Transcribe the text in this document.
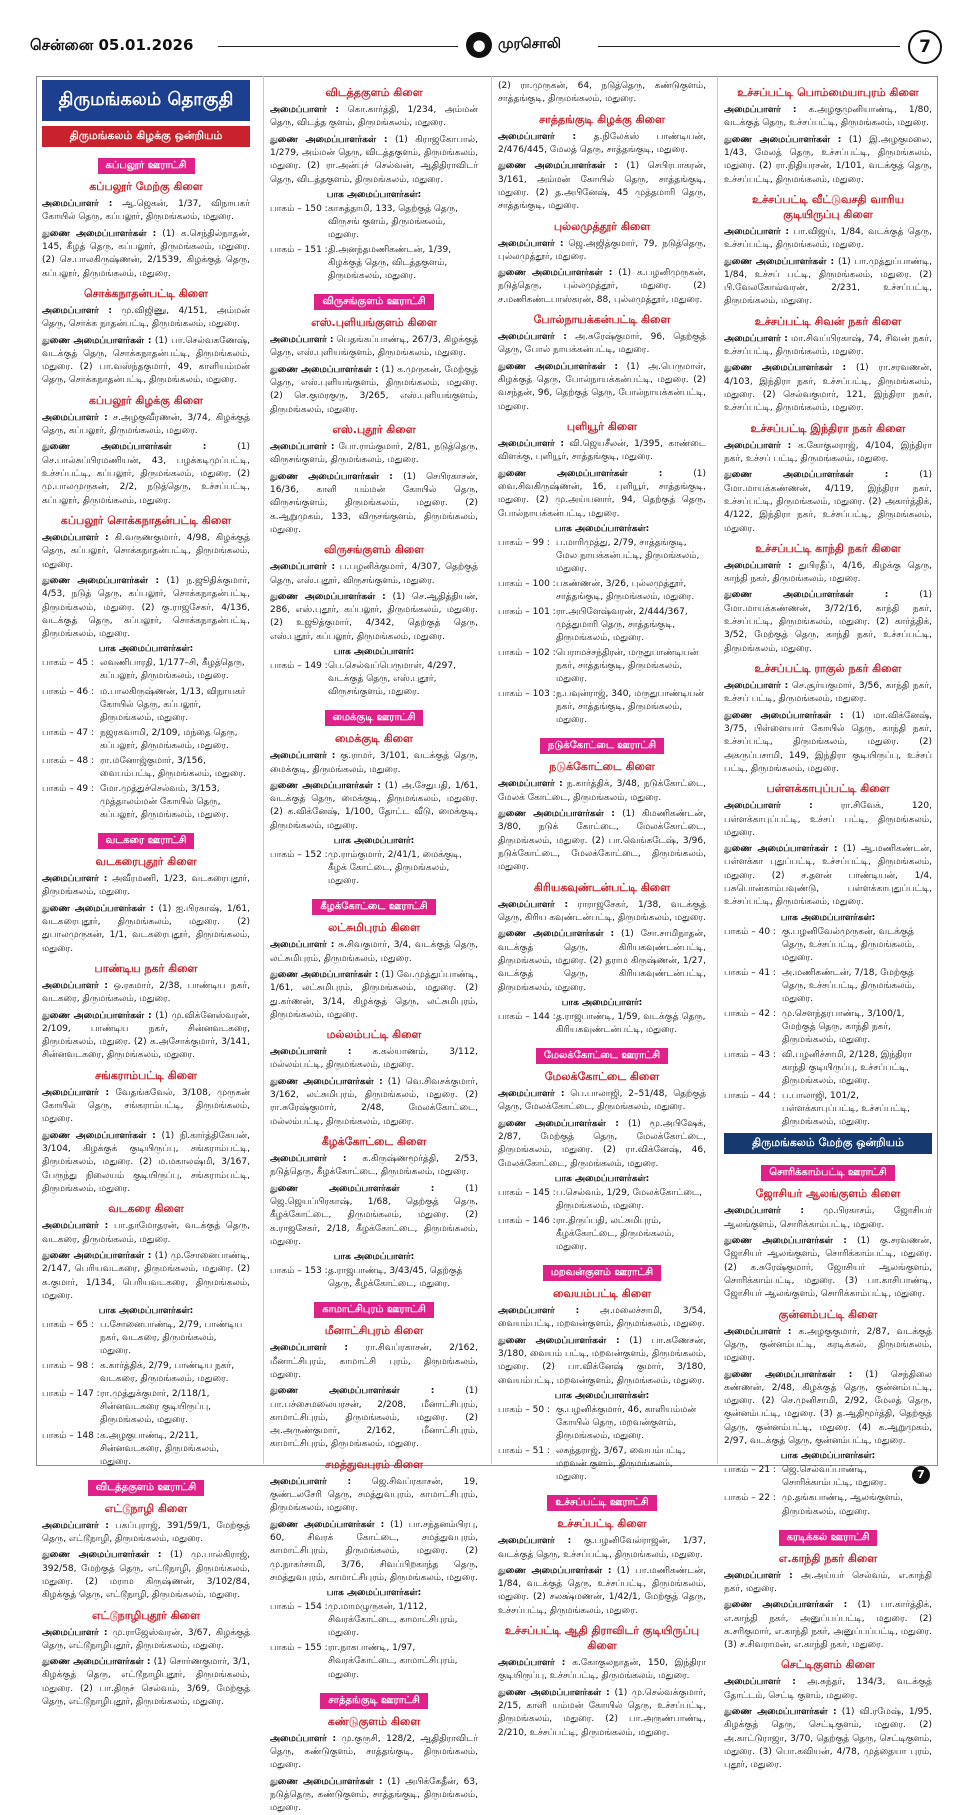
சென்னை 05.01.2026	● முரசொலி	7
திருமங்கலம் தொகுதி
திருமங்கலம் கிழக்கு ஒன்றியம்
கப்பலூர் ஊராட்சி
கப்பலூர் மேற்கு கிளை
அமைப்பாளர் : ஆ.ஜெகன், 1/37, விநாயகர் கோயில் தெரு, கப்பலூர், திருமங்கலம், மதுரை.
துணை அமைப்பாளர்கள் : (1) க.செந்தில்நாதன், 145, கீழத் தெரு, கப்பலூர், திருமங்கலம், மதுரை. (2) செ.பாலகிருஷ்ணன், 2/1539, கிழக்குத் தெரு, கப்பலூர், திருமங்கலம், மதுரை.
சொக்கநாதன்பட்டி கிளை
அமைப்பாளர் : மு.விஜிணு, 4/151, அம்மன் தெரு, சொக்க நாதன்பட்டி, திருமங்கலம், மதுரை.
துணை அமைப்பாளர்கள் : (1) பா.செல்வகணேஷ், வடக்குத் தெரு, சொக்கநாதன்பட்டி, திருமங்கலம், மதுரை. (2) பா.வஸ்ந்தகுமார், 49, காளியம்மன் தெரு, சொக்கநாதன்பட்டி, திருமங்கலம், மதுரை.
கப்பலூர் கிழக்கு கிளை
அமைப்பாளர் : ச.அழகுவீரணன், 3/74, கிழக்குத் தெரு, கப்பலூர், திருமங்கலம், மதுரை.
துணை அமைப்பாளர்கள் :	(1) செ.பால்சுப்பிரமணியன், 43, பழக்கடிமுப்பட்டி, உச்சப்பட்டி, கப்பலூர், திருமங்கலம், மதுரை. (2) மு.பாலமுருகன், 2/2, நடுத்தெரு, உச்சப்பட்டி, கப்பலூர், திருமங்கலம், மதுரை.
கப்பலூர் சொக்கநாதன்பட்டி கிளை
அமைப்பாளர் : கி.வருணகுமார், 4/98, கிழக்குத் தெரு, கப்பலூர், சொக்கநாதன்பட்டி, திருமங்கலம், மதுரை.
துணை அமைப்பாளர்கள் : (1) ந.ஜூதிக்குமார், 4/53, நடுத் தெரு, கப்பலூர், சொக்கநாதன்பட்டி, திருமங்கலம், மதுரை. (2) கு.ராஜசேகர், 4/136, வடக்குத் தெரு, கப்பலூர், சொக்கநாதன்பட்டி, திருமங்கலம், மதுரை.
பாக அமைப்பாளர்கள்:
பாகம் – 45 : லவணிபாரதி, 1/177–சி, கீழத்தெரு, கப்பலூர், திருமங்கலம், மதுரை.
பாகம் – 46 : ம.பாலகிருஷ்ணன், 1/13, விநாயகர் கோயில் தெரு, கப்பலூர், திருமங்கலம், மதுரை.
பாகம் – 47 : நஜரகவாமி, 2/109, மந்தை தெரு, கப்பலூர், திருமங்கலம், மதுரை.
பாகம் – 48 : ரா.மனோஜ்குமார், 3/156, வைபம்பட்டி, திருமங்கலம், மதுரை.
பாகம் – 49 : மோ.முத்துச்செல்வம், 3/153, முத்தாலம்மன் கோயில் தெரு, கப்பலூர், திருமங்கலம், மதுரை.
வடகரை ஊராட்சி
வடகரைபுதூர் கிளை
அமைப்பாளர் : அவீரமணி, 1/23, வடகரைபுதூர், திருமங்கலம், மதுரை.
துணை அமைப்பாளர்கள் : (1) ஐ.பிரகாஷ், 1/61, வடகரைபுதூர், திருமங்கலம், மதுரை. (2) துபாலமுருகன், 1/1, வடகரைபுதூர், திருமங்கலம், மதுரை.
பாண்டிய நகர் கிளை
அமைப்பாளர் : ஒ.ரகமார், 2/38, பாண்டிய நகர், வடகரை, திருமங்கலம், மதுரை.
துணை அமைப்பாளர்கள் : (1) மு.விக்னேஸ்வரன், 2/109, பாண்டிய நகர், சின்னவடகரை, திருமங்கலம், மதுரை. (2) க.அசோக்குமார், 3/141, சின்னவடகரை, திருமங்கலம், மதுரை.
சங்கராம்பட்டி கிளை
அமைப்பாளர் : வேதங்கவேல், 3/108, முருகன் கோயில் தெரு, சங்கராம்பட்டி, திருமங்கலம், மதுரை.
துணை அமைப்பாளர்கள் : (1) நி.கார்த்திகேயன், 3/104, கிழக்குக் குடியிருப்பு, சங்கராம்பட்டி, திருமங்கலம், மதுரை. (2) ம.மகாலஷ்மி, 3/167, பேருந்து நிலையம் குடியிருப்பு, சங்கராம்பட்டி, திருமங்கலம், மதுரை.
வடகரை கிளை
அமைப்பாளர் : பா.தாமோதரன், வடக்குத் தெரு, வடகரை, திருமங்கலம், மதுரை.
துணை அமைப்பாளர்கள் : (1) மு.சோனைபாண்டி, 2/147, பெரியவடகரை, திருமங்கலம், மதுரை. (2) க.குமார், 1/134, பெரியவடகரை, திருமங்கலம், மதுரை.
பாக அமைப்பாளர்கள்:
பாகம் – 65 : ப.சோனைபாண்டி, 2/79, பாண்டிய நகர், வடகரை, திருமங்கலம், மதுரை.
பாகம் – 98 : க.கார்த்திக், 2/79, பாண்டிய நகர், வடகரை, திருமங்கலம், மதுரை.
பாகம் – 147 : ரா.முத்துக்குமார், 2/118/1, சின்னவடகரை குடியிருப்பு, திருமங்கலம், மதுரை.
பாகம் – 148 : க.அழகுபாண்டி, 2/211, சின்னவடகரை, திருமங்கலம், மதுரை.
விடத்தகுளம் ஊராட்சி
எட்டூநாழி கிளை
அமைப்பாளர் : பகப்புராஜ், 391/59/1, மேற்குத் தெரு, எட்டூநாழி, திருமங்கலம், மதுரை.
துணை அமைப்பாளர்கள் : (1) மு.பால்கிராஜ், 392/58, மேற்குத் தெரு, எட்டூநாழி, திருமங்கலம், மதுரை. (2) மராம கிருஷ்ணன், 3/102/84, கிழக்குத் தெரு, எட்டூநாழி, திருமங்கலம், மதுரை.
எட்டூநாழிபுதூர் கிளை
அமைப்பாளர் : மு.ராஜேஸ்வரன், 3/67, கிழக்குத் தெரு, எட்டூநாழிபுதூர், திருமங்கலம், மதுரை.
துணை அமைப்பாளர்கள் : (1) சொர்ணகுமார், 3/1, கிழக்குத் தெரு, எட்டூநாழிபுதூர், திருமங்கலம், மதுரை. (2) பா.திருச் செல்வம், 3/69, மேற்குத் தெரு, எட்டூநாழிபுதூர், திருமங்கலம், மதுரை.
விடத்தகுளம் கிளை
அமைப்பாளர் : கொ.கார்த்தி, 1/234, அம்மன் தெரு, விடத்த குளம், திருமங்கலம், மதுரை.
துணை அமைப்பாளர்கள் : (1) கிராஜகோபால், 1/279, அம்மன் தெரு, விடத்தகுளம், திருமங்கலம், மதுரை. (2) ரா.அன்புச் செல்வன், ஆதிதிராவிடர் தெரு, விடத்தகுளம், திருமங்கலம், மதுரை.
பாக அமைப்பாளர்கள்:
பாகம் – 150 : காசுத்தாமி, 133, தெற்குத் தெரு, விருசங் குளம், திருமங்கலம், மதுரை.
பாகம் – 151 : தி.அனந்தமணிகண்டன், 1/39, கிழக்குத் தெரு, விடத்தகுளம், திருமங்கலம், மதுரை.
விருசங்குளம் ஊராட்சி
எஸ்.புளியங்குளம் கிளை
அமைப்பாளர் : பெதங்கப்பாண்டி, 267/3, கிழக்குத் தெரு, எஸ்.புளியங்குளம், திருமங்கலம், மதுரை.
துணை அமைப்பாளர்கள் : (1) க.முருகன், மேற்குத் தெரு, எஸ்.புளியங்குளம், திருமங்கலம், மதுரை. (2) செ.குமரகுரு, 3/265, எஸ்.புளியங்குளம், திருமங்கலம், மதுரை.
எஸ்.புதூர் கிளை
அமைப்பாளர் : போ.ராம்குமார், 2/81, நடுத்தெரு, விருசங்குளம், திருமங்கலம், மதுரை.
துணை அமைப்பாளர்கள் : (1) செபிரகாசன், 16/36, காளி யம்மன் கோயில் தெரு, விருசங்குளம், திருமங்கலம், மதுரை. (2) க.ஆறுமுகம், 133, விருசங்குளம், திருமங்கலம், மதுரை.
விருசங்குளம் கிளை
அமைப்பாளர் : ப.பழனிக்குமார், 4/307, தெற்குத் தெரு, எஸ்.புதூர், விருசங்குளம், மதுரை.
துணை அமைப்பாளர்கள் : (1) செ.ஆதித்தியன், 286, எஸ்.புதூர், கப்பலூர், திருமங்கலம், மதுரை. (2) உஜூத்குமார், 4/342, தெற்குத் தெரு, எஸ்.புதூர், கப்பலூர், திருமங்கலம், மதுரை.
பாக அமைப்பாளர்:
பாகம் – 149 : பெ.செல்வப்பெருமாள், 4/297, வடக்குத் தெரு, எஸ்.புதூர், விருசங்குளம், மதுரை.
மைக்குடி ஊராட்சி
மைக்குடி கிளை
அமைப்பாளர் : கு.ராமர், 3/101, வடக்குத் தெரு, மைக்குடி, திருமங்கலம், மதுரை.
துணை அமைப்பாளர்கள் : (1) அ.சேதுபதி, 1/61, வடக்குத் தெரு, மைக்குடி, திருமங்கலம், மதுரை. (2) க.விக்னேஷ், 1/100, தோட்ட வீடு, மைக்குடி, திருமங்கலம், மதுரை.
பாக அமைப்பாளர்:
பாகம் – 152 : மு.ராம்குமார், 2/41/1, மைக்குடி, கீழக் கோட்டை, திருமங்கலம், மதுரை.
கீழக்கோட்டை ஊராட்சி
லட்சுமிபுரம் கிளை
அமைப்பாளர் : சு.சிவகுமார், 3/4, வடக்குத் தெரு, லட்சுமிபுரம், திருமங்கலம், மதுரை.
துணை அமைப்பாளர்கள் : (1) வே.முத்துப்பாண்டி, 1/61, லட்சுமிபுரம், திருமங்கலம், மதுரை. (2) து.கர்ணன், 3/14, கிழக்குத் தெரு, லட்சுமிபுரம், திருமங்கலம், மதுரை.
மல்லம்பட்டி கிளை
அமைப்பாளர் : க.கல்யாணம், 3/112, மல்லம்பட்டி, திருமங்கலம், மதுரை.
துணை அமைப்பாளர்கள் : (1) வெ.சிவசக்குமார், 3/162, லட்சுமிபுரம், திருமங்கலம், மதுரை. (2) ரா.சுரேஷ்குமார், 2/48, மேலக்கோட்டை, மல்லம்பட்டி, திருமங்கலம், மதுரை.
கீழக்கோட்டை கிளை
அமைப்பாளர் : க.கிருஷ்ணமூர்த்தி, 2/53, நடுத்தெரு, கீழக்கோட்டை, திருமங்கலம், மதுரை.
துணை அமைப்பாளர்கள் :	(1) ஜெ.ஜெயப்பிரகாஷ், 1/68, தெற்குத் தெரு, கீழக்கோட்டை, திருமங்கலம், மதுரை. (2) க.ராஜசேகர், 2/18, கீழக்கோட்டை, திருமங்கலம், மதுரை.
பாக அமைப்பாளர்:
பாகம் – 153 : த.ராஜபாண்டி, 3/43/45, தெற்குத் தெரு, கீழக்கோட்டை, மதுரை.
காமாட்சிபுரம் ஊராட்சி
மீனாட்சிபுரம் கிளை
அமைப்பாளர் : ரா.சிவப்ரகாசன், 2/162, மீனாட்சிபுரம், காமாட்சி புரம், திருமங்கலம், மதுரை.
துணை அமைப்பாளர்கள் :	(1) பா.பச்சைமலையரசன், 2/208, மீனாட்சிபுரம், காமாட்சிபுரம், திருமங்கலம், மதுரை. (2) அ.அருண்குமார், 2/162, மீனாட்சிபுரம், காமாட்சிபுரம், திருமங்கலம், மதுரை.
சமத்துவபுரம் கிளை
அமைப்பாளர் : ஜெ.சிவப்ரகாசன், 19, குண்டலசேரி தெரு, சமத்துவபுரம், காமாட்சிபுரம், திருமங்கலம், மதுரை.
துணை அமைப்பாளர்கள் : (1) பா.சந்தனம்பிரபு, 60, சிவரக் கோட்டை, சமத்துவபுரம், காமாட்சிபுரம், திருமங்கலம், மதுரை. (2) மு.நாகர்சாமி, 3/76, சிவப்பிறகாந்த தெரு, சமத்துவபுரம், காமாட்சிபுரம், திருமங்கலம், மதுரை.
பாக அமைப்பாளர்கள்:
பாகம் – 154 : மு.மாமழுருகன், 1/112, சிவரக்கோட்டை, காமாட்சிபுரம், மதுரை.
பாகம் – 155 : ரா.நாகபாண்டி, 1/97, சிவரக்கோட்டை, காமாட்சிபுரம், மதுரை.
சாத்தங்குடி ஊராட்சி
கண்டுகுளம் கிளை
அமைப்பாளர் : மு.குருசி, 128/2, ஆதிதிராவிடர் தெரு, கண்டுகுளம், சாத்தங்குடி, திருமங்கலம், மதுரை.
துணை அமைப்பாளர்கள் : (1) அபிக்கேதீன், 63, நடுத்தெரு, கண்டுகுளம், சாத்தங்குடி, திருமங்கலம், மதுரை.
(2) ரா.முருகன், 64, நடுத்தெரு, கண்டுகுளம், சாத்தங்குடி, திருமங்கலம், மதுரை.
சாத்தங்குடி கிழக்கு கிளை
அமைப்பாளர் : த.நிலேக்ஸ் பாண்டியன், 2/476/445, மேலத் தெரு, சாத்தங்குடி, மதுரை.
துணை அமைப்பாளர்கள் : (1) செபிரபாகரன், 3/161, அம்மன் கோயில் தெரு, சாத்தங்குடி, மதுரை. (2) த.அபினேஷ், 45 முத்தமாரி தெரு, சாத்தங்குடி, மதுரை.
புல்லமுத்தூர் கிளை
அமைப்பாளர் : ஜெ.அஜித்குமார், 79, நடுத்தெரு, புல்லமுத்தூர், மதுரை.
துணை அமைப்பாளர்கள் : (1) க.பழனிமுருகன், நடுத்தெரு, புல்லமுத்தூர், மதுரை. (2) ச.மணிகண்டபாஸ்கரன், 88, புல்லமுத்தூர், மதுரை.
போல்நாயக்கன்பட்டி கிளை
அமைப்பாளர் : அ.சுரேஷ்குமார், 96, தெற்குத் தெரு, போல் நாயக்கன்பட்டி, மதுரை.
துணை அமைப்பாளர்கள் : (1) அ.பெருமாள், கிழக்குத் தெரு, போல்நாயக்கன்பட்டி, மதுரை. (2) வசந்தன், 96, தெற்குத் தெரு, போல்நாயக்கன்பட்டி, மதுரை.
புளியூர் கிளை
அமைப்பாளர் : வி.ஜெயசீலன், 1/395, காண்டை விளக்கு, புளியூர், சாத்தங்குடி, மதுரை.
துணை அமைப்பாளர்கள் :	(1) வை.சிவகிருஷ்ணன், 16, புளியூர், சாத்தங்குடி, மதுரை. (2) மு.அய்யனார், 94, தெற்குத் தெரு, போல்நாயக்கன்பட்டி, மதுரை.
பாக அமைப்பாளர்கள்:
பாகம் – 99 : ப.மாரிமுத்து, 2/79, சாத்தங்குடி, மேல நாயக்கன்பட்டி, திருமங்கலம், மதுரை.
பாகம் – 100 : பகண்ணன், 3/26, புல்லமுத்தூர், சாத்தங்குடி, திருமங்கலம், மதுரை.
பாகம் – 101 : ரா.அபிளேஷ்வரன், 2/444/367, முத்துமாரி தெரு, சாத்தங்குடி, திருமங்கலம், மதுரை.
பாகம் – 102 : பெராமச்சந்திரன், மருதுபாண்டியன் நகர், சாத்தங்குடி, திருமங்கலம், மதுரை.
பாகம் – 103 : ந.பவுன்ராஜ், 340, மருதுபாண்டியன் நகர், சாத்தங்குடி, திருமங்கலம், மதுரை.
நடுக்கோட்டை ஊராட்சி
நடுக்கோட்டை கிளை
அமைப்பாளர் : ந.கார்த்திக், 3/48, நடுக்கோட்டை, மேலக் கோட்டை, திருமங்கலம், மதுரை.
துணை அமைப்பாளர்கள் : (1) கிமணிகண்டன், 3/80, நடுக் கோட்டை, மேலக்கோட்டை, திருமங்கலம், மதுரை. (2) பா.வெங்கடேஷ், 3/96, நடுக்கோட்டை, மேலக்கோட்டை, திருமங்கலம், மதுரை.
கிரியகவுண்டன்பட்டி கிளை
அமைப்பாளர் : ராராஜசேகர், 1/38, வடக்குத் தெரு, கிரிய கவுண்டன்பட்டி, திருமங்கலம், மதுரை.
துணை அமைப்பாளர்கள் : (1) சோ.சாமிநாதன், வடக்குத் தெரு, கிரியகவுண்டன்பட்டி, திருமங்கலம், மதுரை. (2) தராம கிருஷ்ணன், 1/27, வடக்குத் தெரு, கிரியகவுண்டன்பட்டி, திருமங்கலம், மதுரை.
பாக அமைப்பாளர்:
பாகம் – 144 : த.ராஜபாண்டி, 1/59, வடக்குத் தெரு, கிரியகவுண்டன்பட்டி, மதுரை.
மேலக்கோட்டை ஊராட்சி
மேலக்கோட்டை கிளை
அமைப்பாளர் : பெ.பாலாஜி, 2–51/48, தெற்குத் தெரு, மேலக்கோட்டை, திருமங்கலம், மதுரை.
துணை அமைப்பாளர்கள் : (1) மூ.அபிஷேக், 2/87, மேற்குத் தெரு, மேலக்கோட்டை, திருமங்கலம், மதுரை. (2) ரா.விக்னேஷ், 46, மேலக்கோட்டை, திருமங்கலம், மதுரை.
பாக அமைப்பாளர்கள்:
பாகம் – 145 : ப.செல்வம், 1/29, மேலக்கோட்டை, திருமங்கலம், மதுரை.
பாகம் – 146 : ரா.திருப்பதி, லட்சுமிபுரம், கீழக்கோட்டை, திருமங்கலம், மதுரை.
மறவன்குளம் ஊராட்சி
வையம்பட்டி கிளை
அமைப்பாளர் : அ.மலைச்சாமி, 3/54, வையம்பட்டி, மறவன்குளம், திருமங்கலம், மதுரை.
துணை அமைப்பாளர்கள் : (1) பா.கணேசன், 3/180, வையம் பட்டி, மறவன்குளம், திருமங்கலம், மதுரை. (2) பா.விக்னேஷ் குமார், 3/180, வையம்பட்டி, மறவன்குளம், திருமங்கலம், மதுரை.
பாக அமைப்பாளர்கள்:
பாகம் – 50 : கு.பழனிக்குமார், 46, காளியம்மன் கோயில் தெரு, மறவன்குளம், திருமங்கலம், மதுரை.
பாகம் – 51 : லசுந்தராஜ், 3/67, வையம்பட்டி, மறவன் குளம், திருமங்கலம், மதுரை.
உச்சப்பட்டி ஊராட்சி
உச்சப்பட்டி கிளை
அமைப்பாளர் : கு.பழனிவேல்ராஜன், 1/37, வடக்குத் தெரு, உச்சப்பட்டி, திருமங்கலம், மதுரை.
துணை அமைப்பாளர்கள் : (1) பா.மணிகண்டன், 1/84, வடக்குத் தெரு, உச்சப்பட்டி, திருமங்கலம், மதுரை. (2) சலக்ஷ்மணன், 1/42/1, மேற்குத் தெரு, உச்சப்பட்டி, திருமங்கலம், மதுரை.
உச்சப்பட்டி ஆதி திராவிடர் குடியிருப்பு கிளை
அமைப்பாளர் : க.கோகுலநாதன், 150, இந்திரா குடியிருப்பு, உச்சப்பட்டி, திருமங்கலம், மதுரை.
துணை அமைப்பாளர்கள் : (1) மு.செல்வக்குமார், 2/15, காளி யம்மன் கோயில் தெரு, உச்சப்பட்டி, திருமங்கலம், மதுரை. (2) பா.அருண்பாண்டி, 2/210, உச்சப்பட்டி, திருமங்கலம், மதுரை.
உச்சப்பட்டி பொம்மையாபுரம் கிளை
அமைப்பாளர் : க.அழகுமுனியாண்டி, 1/80, வடக்குத் தெரு, உச்சப்பட்டி, திருமங்கலம், மதுரை.
துணை அமைப்பாளர்கள் : (1) இ.அழகுமலை, 1/43, மேலத் தெரு, உச்சப்பட்டி, திருமங்கலம், மதுரை. (2) ரா.நிதியரசன், 1/101, வடக்குத் தெரு, உச்சப்பட்டி, திருமங்கலம், மதுரை.
உச்சப்பட்டி வீட்டுவசதி வாரிய குடியிருப்பு கிளை
அமைப்பாளர் : பா.விஜய், 1/84, வடக்குத் தெரு, உச்சப்பட்டி, திருமங்கலம், மதுரை.
துணை அமைப்பாளர்கள் : (1) பா.முத்துப்பாண்டி, 1/84, உச்சப் பட்டி, திருமங்கலம், மதுரை. (2) பி.வேலகோவ்வரன், 2/231, உச்சப்பட்டி, திருமங்கலம், மதுரை.
உச்சப்பட்டி சிவன் நகர் கிளை
அமைப்பாளர் : மா.சிவப்பிரகாஷ், 74, சிவன் நகர், உச்சப்பட்டி, திருமங்கலம், மதுரை.
துணை அமைப்பாளர்கள் : (1) ரா.சரவணன், 4/103, இந்திரா நகர், உச்சப்பட்டி, திருமங்கலம், மதுரை. (2) செல்வகுமார், 121, இந்திரா நகர், உச்சப்பட்டி, திருமங்கலம், மதுரை.
உச்சப்பட்டி இந்திரா நகர் கிளை
அமைப்பாளர் : க.கோகுலராஜ், 4/104, இந்திரா நகர், உச்சப் பட்டி, திருமங்கலம், மதுரை.
துணை அமைப்பாளர்கள் :	(1) மோ.மாயக்கண்ணன், 4/119, இந்திரா நகர், உச்சப்பட்டி, திருமங்கலம், மதுரை. (2) அகார்த்திக், 4/122, இந்திரா நகர், உச்சப்பட்டி, திருமங்கலம், மதுரை.
உச்சப்பட்டி காந்தி நகர் கிளை
அமைப்பாளர் : துபிரதீப், 4/16, கிழக்கு தெரு, காந்தி நகர், திருமங்கலம், மதுரை.
துணை அமைப்பாளர்கள் :	(1) மோ.மாயக்கண்ணன், 3/72/16, காந்தி நகர், உச்சப்பட்டி, திருமங்கலம், மதுரை. (2) கார்த்திக், 3/52, மேற்குத் தெரு, காந்தி நகர், உச்சப்பட்டி, திருமங்கலம், மதுரை.
உச்சப்பட்டி ராகுல் நகர் கிளை
அமைப்பாளர் : செ.சூர்யகுமார், 3/56, காந்தி நகர், உச்சப் பட்டி, திருமங்கலம், மதுரை.
துணை அமைப்பாளர்கள் : (1) மா.விக்னேஷ், 3/75, பிள்ளையார் கோயில் தெரு, காந்தி நகர், உச்சப்பட்டி, திருமங்கலம், மதுரை. (2) அகருப்பசாமி, 149, இந்திரா குடியிருப்பு, உச்சப் பட்டி, திருமங்கலம், மதுரை.
பள்ளக்காபுப்பட்டி கிளை
அமைப்பாளர் :	ரா.சிவேக், 120, பள்ளக்காபுப்பட்டி, உச்சப் பட்டி, திருமங்கலம், மதுரை.
துணை அமைப்பாளர்கள் : (1) ஆ.மணிகண்டன், பள்ளக்கா புதுப்பட்டி, உச்சப்பட்டி, திருமங்கலம், மதுரை. (2) ச.தளன் பாண்டியன், 1/4, பசுபொன்காம்பவுண்டு, பள்ளக்காபுதுப்பட்டி, உச்சப்பட்டி, திருமங்கலம், மதுரை.
பாக அமைப்பாளர்கள்:
பாகம் – 40 : கு.பழனிவேல்முருகன், வடக்குத் தெரு, உச்சப்பட்டி, திருமங்கலம், மதுரை.
பாகம் – 41 : அ.மணிகண்டன், 7/18, மேற்குத் தெரு, உச்சப்பட்டி, திருமங்கலம், மதுரை.
பாகம் – 42 : மு.சௌந்தரபாண்டி, 3/100/1, மேற்குத் தெரு, காந்தி நகர், திருமங்கலம், மதுரை.
பாகம் – 43 : வி.பழனிச்சாமி, 2/128, இந்திரா காந்தி குடியிருப்பு, உச்சப்பட்டி, திருமங்கலம், மதுரை.
பாகம் – 44 : ப.பாலாஜி, 101/2, பள்ளக்காபுப்பட்டி, உச்சப்பட்டி, திருமங்கலம், மதுரை.
திருமங்கலம் மேற்கு ஒன்றியம்
சொரிக்காம்பட்டி ஊராட்சி
ஜோசியர் ஆலங்குளம் கிளை
அமைப்பாளர் : மு.பிரகாசம், ஜோசியர் ஆலங்குளம், சொரிக்காம்பட்டி, மதுரை.
துணை அமைப்பாளர்கள் : (1) கு.சரவணன், ஜோசியர் ஆலங்குளம், சொரிக்காம்பட்டி, மதுரை. (2) க.சுரேஷ்குமார், ஜோசியர் ஆலங்குளம், சொரிக்காம்பட்டி, மதுரை. (3) பா.காசிபாண்டி, ஜோசியர் ஆலங்குளம், சொரிக்காம்பட்டி, மதுரை.
குன்னம்பட்டி கிளை
அமைப்பாளர் : க.அழகுகுமார், 2/87, வடக்குத் தெரு, குன்னம்பட்டி, கரடிக்கல், திருமங்கலம், மதுரை.
துணை அமைப்பாளர்கள் : (1) செந்திலை கண்ணன், 2/48, கிழக்குத் தெரு, குன்னம்பட்டி, மதுரை. (2) செ.முனிசாமி, 2/92, மேலத் தெரு, குன்னம்பட்டி, மதுரை. (3) த.ஆதிமூர்த்தி, தெற்குத் தெரு, குன்னம்பட்டி, மதுரை. (4) க.ஆறுமுகம், 2/97, வடக்குத் தெரு, குன்னம்பட்டி, மதுரை.
பாக அமைப்பாளர்கள்:
பாகம் – 21 : ஜெ.செல்வப்பாண்டி, சொரிக்காம்பட்டி, மதுரை.
பாகம் – 22 : மு.தங்கபாண்டி, ஆலங்குளம், திருமங்கலம், மதுரை.
கரடிக்கல் ஊராட்சி
எ.காந்தி நகர் கிளை
அமைப்பாளர் : அ.அய்யர் செல்வம், எ.காந்தி நகர், மதுரை.
துணை அமைப்பாளர்கள் : (1) பா.கார்த்திக், எ.காந்தி நகர், அனுப்பப்பட்டி, மதுரை. (2) க.சரிகுமார், எ.காந்தி நகர், அனுப்பப்பட்டி, மதுரை. (3) ச.சிவராமன், எ.காந்தி நகர், மதுரை.
செட்டிகுளம் கிளை
அமைப்பாளர் : அ.சுந்தர், 134/3, வடக்குத் தோட்டம், செட்டி குளம், மதுரை.
துணை அமைப்பாளர்கள் : (1) வி.ரமேஷ், 1/95, கிழக்குத் தெரு, செட்டிகுளம், மதுரை. (2) அ.காட்டுராஜா, 3/70, தெற்குத் தெரு, செட்டிகுளம், மதுரை. (3) பொ.கவியன், 4/78, முத்தையா புரம், புதூர், மதுரை.
7
